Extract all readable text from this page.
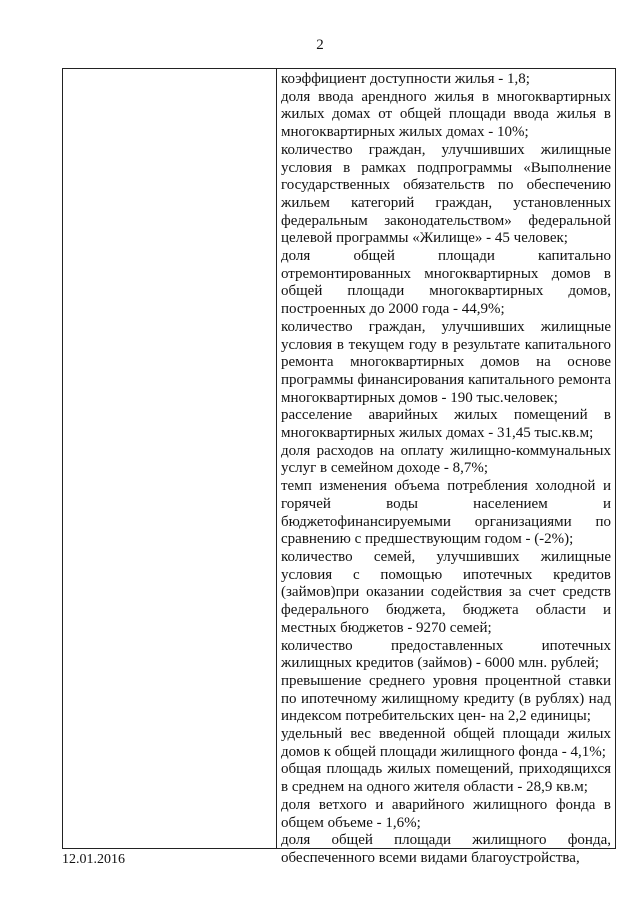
2

коэффициент доступности жилья - 1,8;

доля ввода арендного жилья в многоквартирных
жилых домах от общей площади ввода жилья в
многоквартирных жилых домах - 10%;

количество граждан, улучшивших жилищные
условия в рамках подпрограммы «Выполнение
государственных обязательств по обеспечению
жильем категорий граждан, установленных
федеральным законодательством» федеральной
целевой программы «Жилище» - 45 человек;

доля общей площади капитально
отремонтированных многоквартирных домов в
общей площади многоквартирных домов,
построенных до 2000 года - 44,9%;

количество граждан, улучшивших жилищные
условия в текущем году в результате капитального
ремонта многоквартирных домов на основе
программы финансирования капитального ремонта
многоквартирных домов - 190 тыс.человек;

расселение аварийных жилых помещений в
многоквартирных жилых домах - 31,45 тыс.кв.м;

доля расходов на оплату жилищно-коммунальных
услуг в семейном доходе - 8,7%;

темп изменения объема потребления холодной и
горячей воды населением и
бюджетофинансируемыми организациями по
сравнению с предшествующим годом - (-2%);

количество семей, улучшивших жилищные
условия с помощью ипотечных кредитов
(займов)при оказании содействия за счет средств
федерального бюджета, бюджета области и
местных бюджетов - 9270 семей;

количество предоставленных ипотечных
жилищных кредитов (займов) - 6000 млн. рублей;

превышение среднего уровня процентной ставки
по ипотечному жилищному кредиту (в рублях) над
индексом потребительских цен- на 2,2 единицы;

удельный вес введенной общей площади жилых
домов к общей площади жилищного фонда - 4,1%;

общая площадь жилых помещений, приходящихся
в среднем на одного жителя области - 28,9 кв.м;

доля ветхого и аварийного жилищного фонда в
общем объеме - 1,6%;

доля общей площади жилищного фонда,
обеспеченного всеми видами благоустройства,

12.01.2016
